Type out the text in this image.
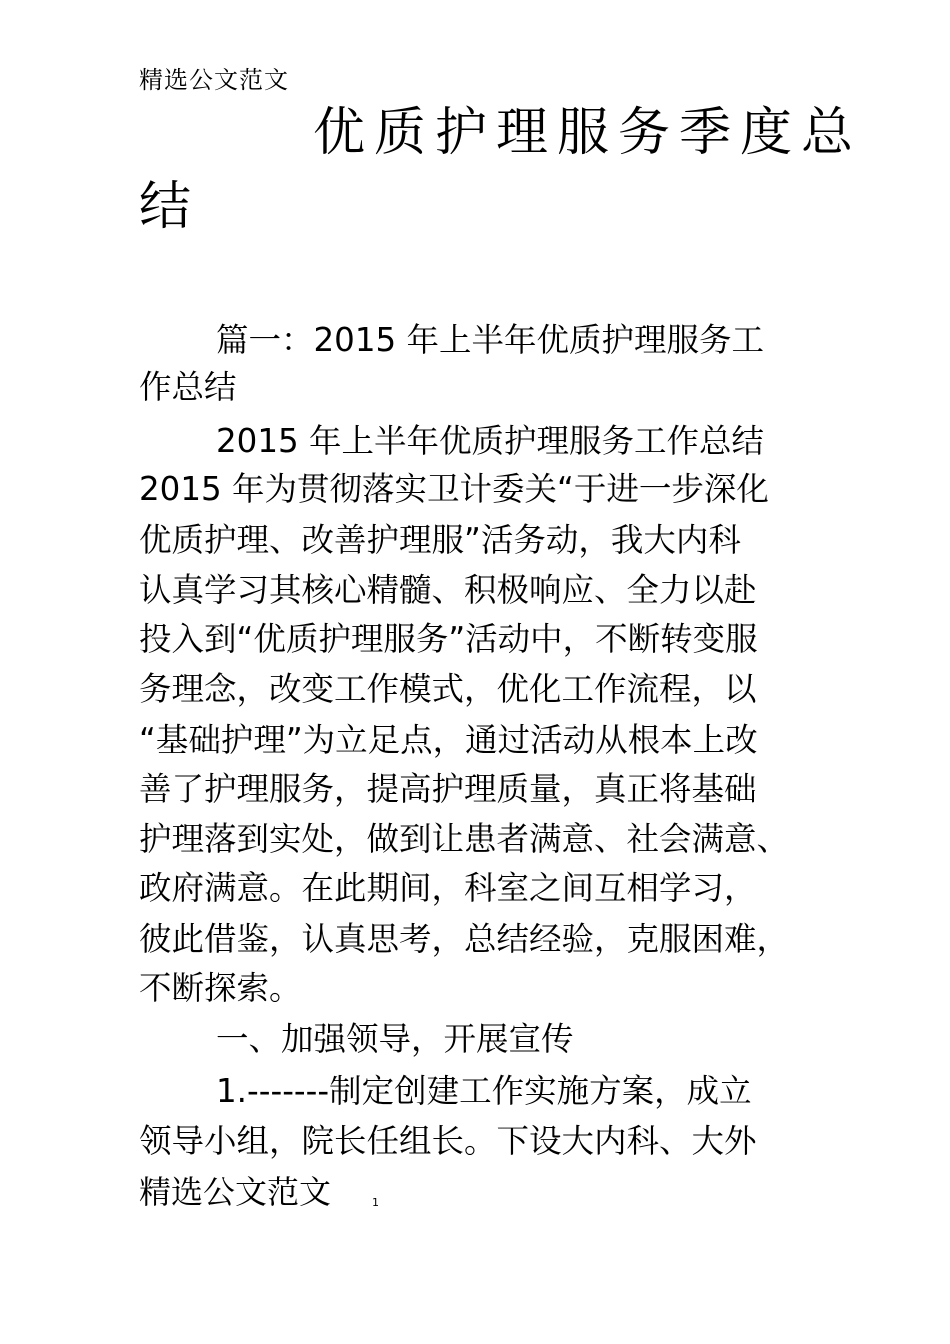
精选公文范文
优质护理服务季度总
结
篇一：2015 年上半年优质护理服务工
作总结
2015 年上半年优质护理服务工作总结
2015 年为贯彻落实卫计委关“于进一步深化
优质护理、改善护理服”活务动，我大内科
认真学习其核心精髓、积极响应、全力以赴
投入到“优质护理服务”活动中，不断转变服
务理念，改变工作模式，优化工作流程，以
“基础护理”为立足点，通过活动从根本上改
善了护理服务，提高护理质量，真正将基础
护理落到实处，做到让患者满意、社会满意、
政府满意。在此期间，科室之间互相学习，
彼此借鉴，认真思考，总结经验，克服困难，
不断探索。
一、加强领导，开展宣传
1.-------制定创建工作实施方案，成立
领导小组，院长任组长。下设大内科、大外
精选公文范文	1
